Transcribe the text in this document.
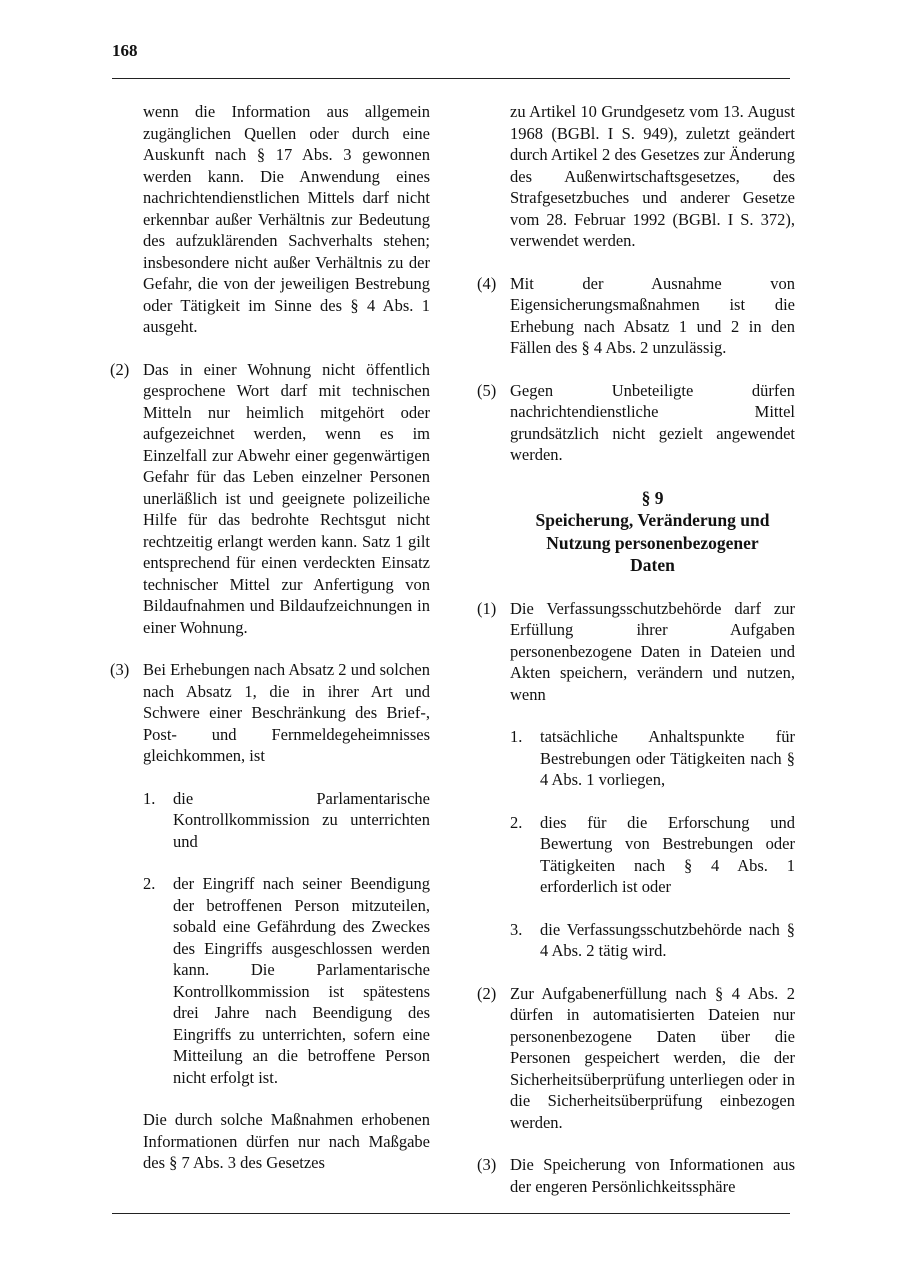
168

wenn die Information aus allgemein zugänglichen Quellen oder durch eine Auskunft nach § 17 Abs. 3 gewonnen werden kann. Die Anwendung eines nachrichtendienstlichen Mittels darf nicht erkennbar außer Verhältnis zur Bedeutung des aufzuklärenden Sachverhalts stehen; insbesondere nicht außer Verhältnis zu der Gefahr, die von der jeweiligen Bestrebung oder Tätigkeit im Sinne des § 4 Abs. 1 ausgeht.

(2) Das in einer Wohnung nicht öffentlich gesprochene Wort darf mit technischen Mitteln nur heimlich mitgehört oder aufgezeichnet werden, wenn es im Einzelfall zur Abwehr einer gegenwärtigen Gefahr für das Leben einzelner Personen unerläßlich ist und geeignete polizeiliche Hilfe für das bedrohte Rechtsgut nicht rechtzeitig erlangt werden kann. Satz 1 gilt entsprechend für einen verdeckten Einsatz technischer Mittel zur Anfertigung von Bildaufnahmen und Bildaufzeichnungen in einer Wohnung.

(3) Bei Erhebungen nach Absatz 2 und solchen nach Absatz 1, die in ihrer Art und Schwere einer Beschränkung des Brief-, Post- und Fernmeldegeheimnisses gleichkommen, ist

1.	die Parlamentarische Kontrollkommission zu unterrichten und

2.	der Eingriff nach seiner Beendigung der betroffenen Person mitzuteilen, sobald eine Gefährdung des Zweckes des Eingriffs ausgeschlossen werden kann. Die Parlamentarische Kontrollkommission ist spätestens drei Jahre nach Beendigung des Eingriffs zu unterrichten, sofern eine Mitteilung an die betroffene Person nicht erfolgt ist.

Die durch solche Maßnahmen erhobenen Informationen dürfen nur nach Maßgabe des § 7 Abs. 3 des Gesetzes

zu Artikel 10 Grundgesetz vom 13. August 1968 (BGBl. I S. 949), zuletzt geändert durch Artikel 2 des Gesetzes zur Änderung des Außenwirtschaftsgesetzes, des Strafgesetzbuches und anderer Gesetze vom 28. Februar 1992 (BGBl. I S. 372), verwendet werden.

(4) Mit der Ausnahme von Eigensicherungsmaßnahmen ist die Erhebung nach Absatz 1 und 2 in den Fällen des § 4 Abs. 2 unzulässig.

(5) Gegen Unbeteiligte dürfen nachrichtendienstliche Mittel grundsätzlich nicht gezielt angewendet werden.

§ 9
Speicherung, Veränderung und
Nutzung personenbezogener
Daten
(1) Die Verfassungsschutzbehörde darf zur Erfüllung ihrer Aufgaben personenbezogene Daten in Dateien und Akten speichern, verändern und nutzen, wenn

1.	tatsächliche Anhaltspunkte für Bestrebungen oder Tätigkeiten nach § 4 Abs. 1 vorliegen,

2.	dies für die Erforschung und Bewertung von Bestrebungen oder Tätigkeiten nach § 4 Abs. 1 erforderlich ist oder

3.	die Verfassungsschutzbehörde nach § 4 Abs. 2 tätig wird.

(2) Zur Aufgabenerfüllung nach § 4 Abs. 2 dürfen in automatisierten Dateien nur personenbezogene Daten über die Personen gespeichert werden, die der Sicherheitsüberprüfung unterliegen oder in die Sicherheitsüberprüfung einbezogen werden.

(3) Die Speicherung von Informationen aus der engeren Persönlichkeitssphäre
